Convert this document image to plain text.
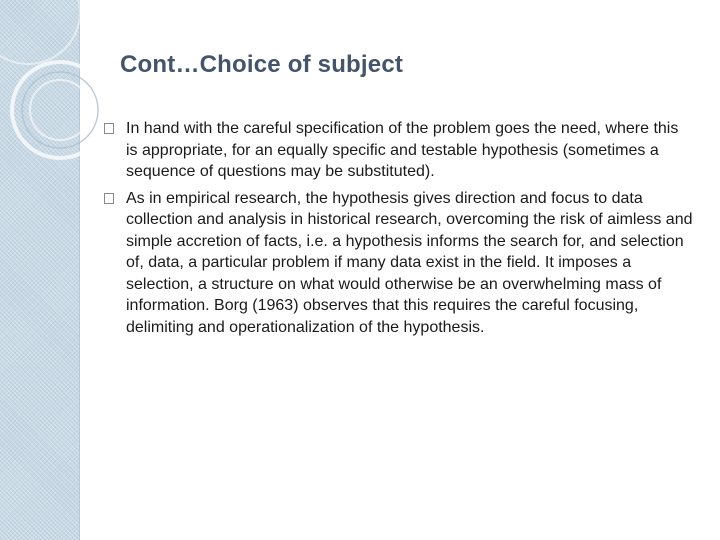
Cont…Choice of subject
In hand with the careful specification of the problem goes the need, where this is appropriate, for an equally specific and testable hypothesis (sometimes a sequence of questions may be substituted).
As in empirical research, the hypothesis gives direction and focus to data collection and analysis in historical research, overcoming the risk of aimless and simple accretion of facts, i.e. a hypothesis informs the search for, and selection of, data, a particular problem if many data exist in the field. It imposes a selection, a structure on what would otherwise be an overwhelming mass of information. Borg (1963) observes that this requires the careful focusing, delimiting and operationalization of the hypothesis.
